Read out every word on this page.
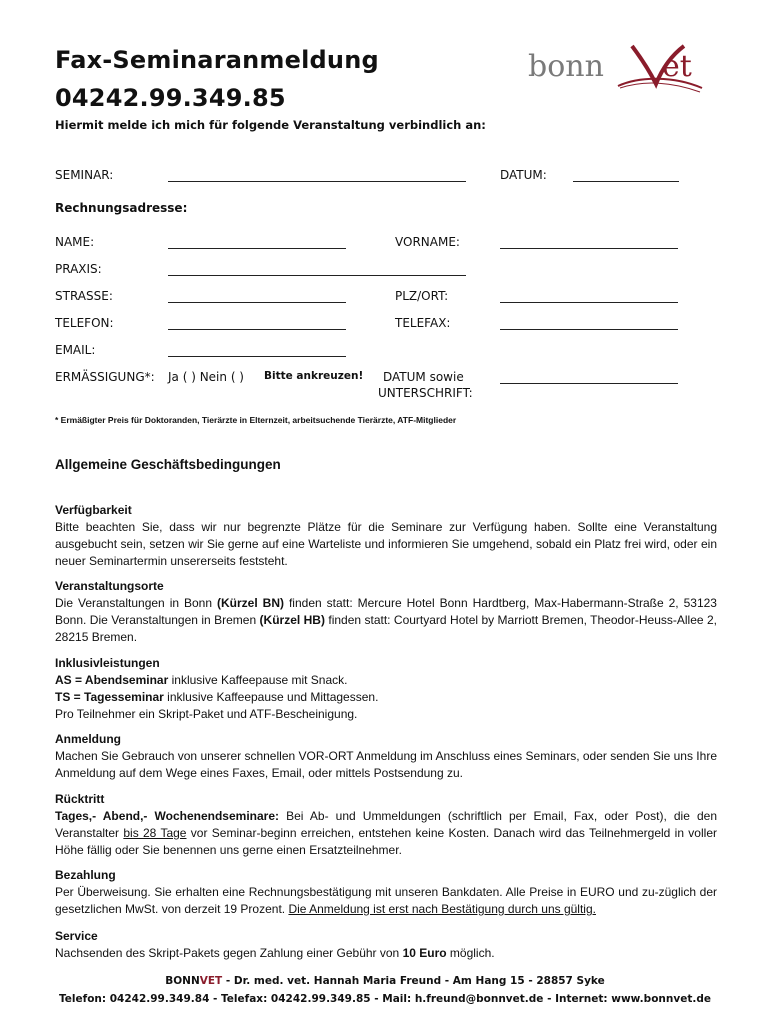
Fax-Seminaranmeldung
04242.99.349.85
Hiermit melde ich mich für folgende Veranstaltung verbindlich an:
bonn et
SEMINAR:	DATUM:
Rechnungsadresse:
NAME:	VORNAME:
PRAXIS:
STRASSE:	PLZ/ORT:
TELEFON:	TELEFAX:
EMAIL:
ERMÄSSIGUNG*: Ja ( ) Nein ( ) Bitte ankreuzen! DATUM sowie
UNTERSCHRIFT:
* Ermäßigter Preis für Doktoranden, Tierärzte in Elternzeit, arbeitsuchende Tierärzte, ATF-Mitglieder
Allgemeine Geschäftsbedingungen
Verfügbarkeit

Bitte beachten Sie, dass wir nur begrenzte Plätze für die Seminare zur Verfügung haben. Sollte eine Veranstaltung ausgebucht sein, setzen wir Sie gerne auf eine Warteliste und informieren Sie umgehend, sobald ein Platz frei wird, oder ein neuer Seminartermin unsererseits feststeht.

Veranstaltungsorte

Die Veranstaltungen in Bonn (Kürzel BN) finden statt: Mercure Hotel Bonn Hardtberg, Max-Habermann-Straße 2, 53123 Bonn. Die Veranstaltungen in Bremen (Kürzel HB) finden statt: Courtyard Hotel by Marriott Bremen, Theodor-Heuss-Allee 2, 28215 Bremen.

Inklusivleistungen

AS = Abendseminar inklusive Kaffeepause mit Snack.

TS = Tagesseminar inklusive Kaffeepause und Mittagessen.

Pro Teilnehmer ein Skript-Paket und ATF-Bescheinigung.

Anmeldung

Machen Sie Gebrauch von unserer schnellen VOR-ORT Anmeldung im Anschluss eines Seminars, oder senden Sie uns Ihre Anmeldung auf dem Wege eines Faxes, Email, oder mittels Postsendung zu.

Rücktritt

Tages,- Abend,- Wochenendseminare: Bei Ab- und Ummeldungen (schriftlich per Email, Fax, oder Post), die den Veranstalter bis 28 Tage vor Seminar-beginn erreichen, entstehen keine Kosten. Danach wird das Teilnehmergeld in voller Höhe fällig oder Sie benennen uns gerne einen Ersatzteilnehmer.

Bezahlung

Per Überweisung. Sie erhalten eine Rechnungsbestätigung mit unseren Bankdaten. Alle Preise in EURO und zu-züglich der gesetzlichen MwSt. von derzeit 19 Prozent. Die Anmeldung ist erst nach Bestätigung durch uns gültig.

Service

Nachsenden des Skript-Pakets gegen Zahlung einer Gebühr von 10 Euro möglich.

BONNVET - Dr. med. vet. Hannah Maria Freund - Am Hang 15 - 28857 Syke
Telefon: 04242.99.349.84 - Telefax: 04242.99.349.85 - Mail: h.freund@bonnvet.de - Internet: www.bonnvet.de
